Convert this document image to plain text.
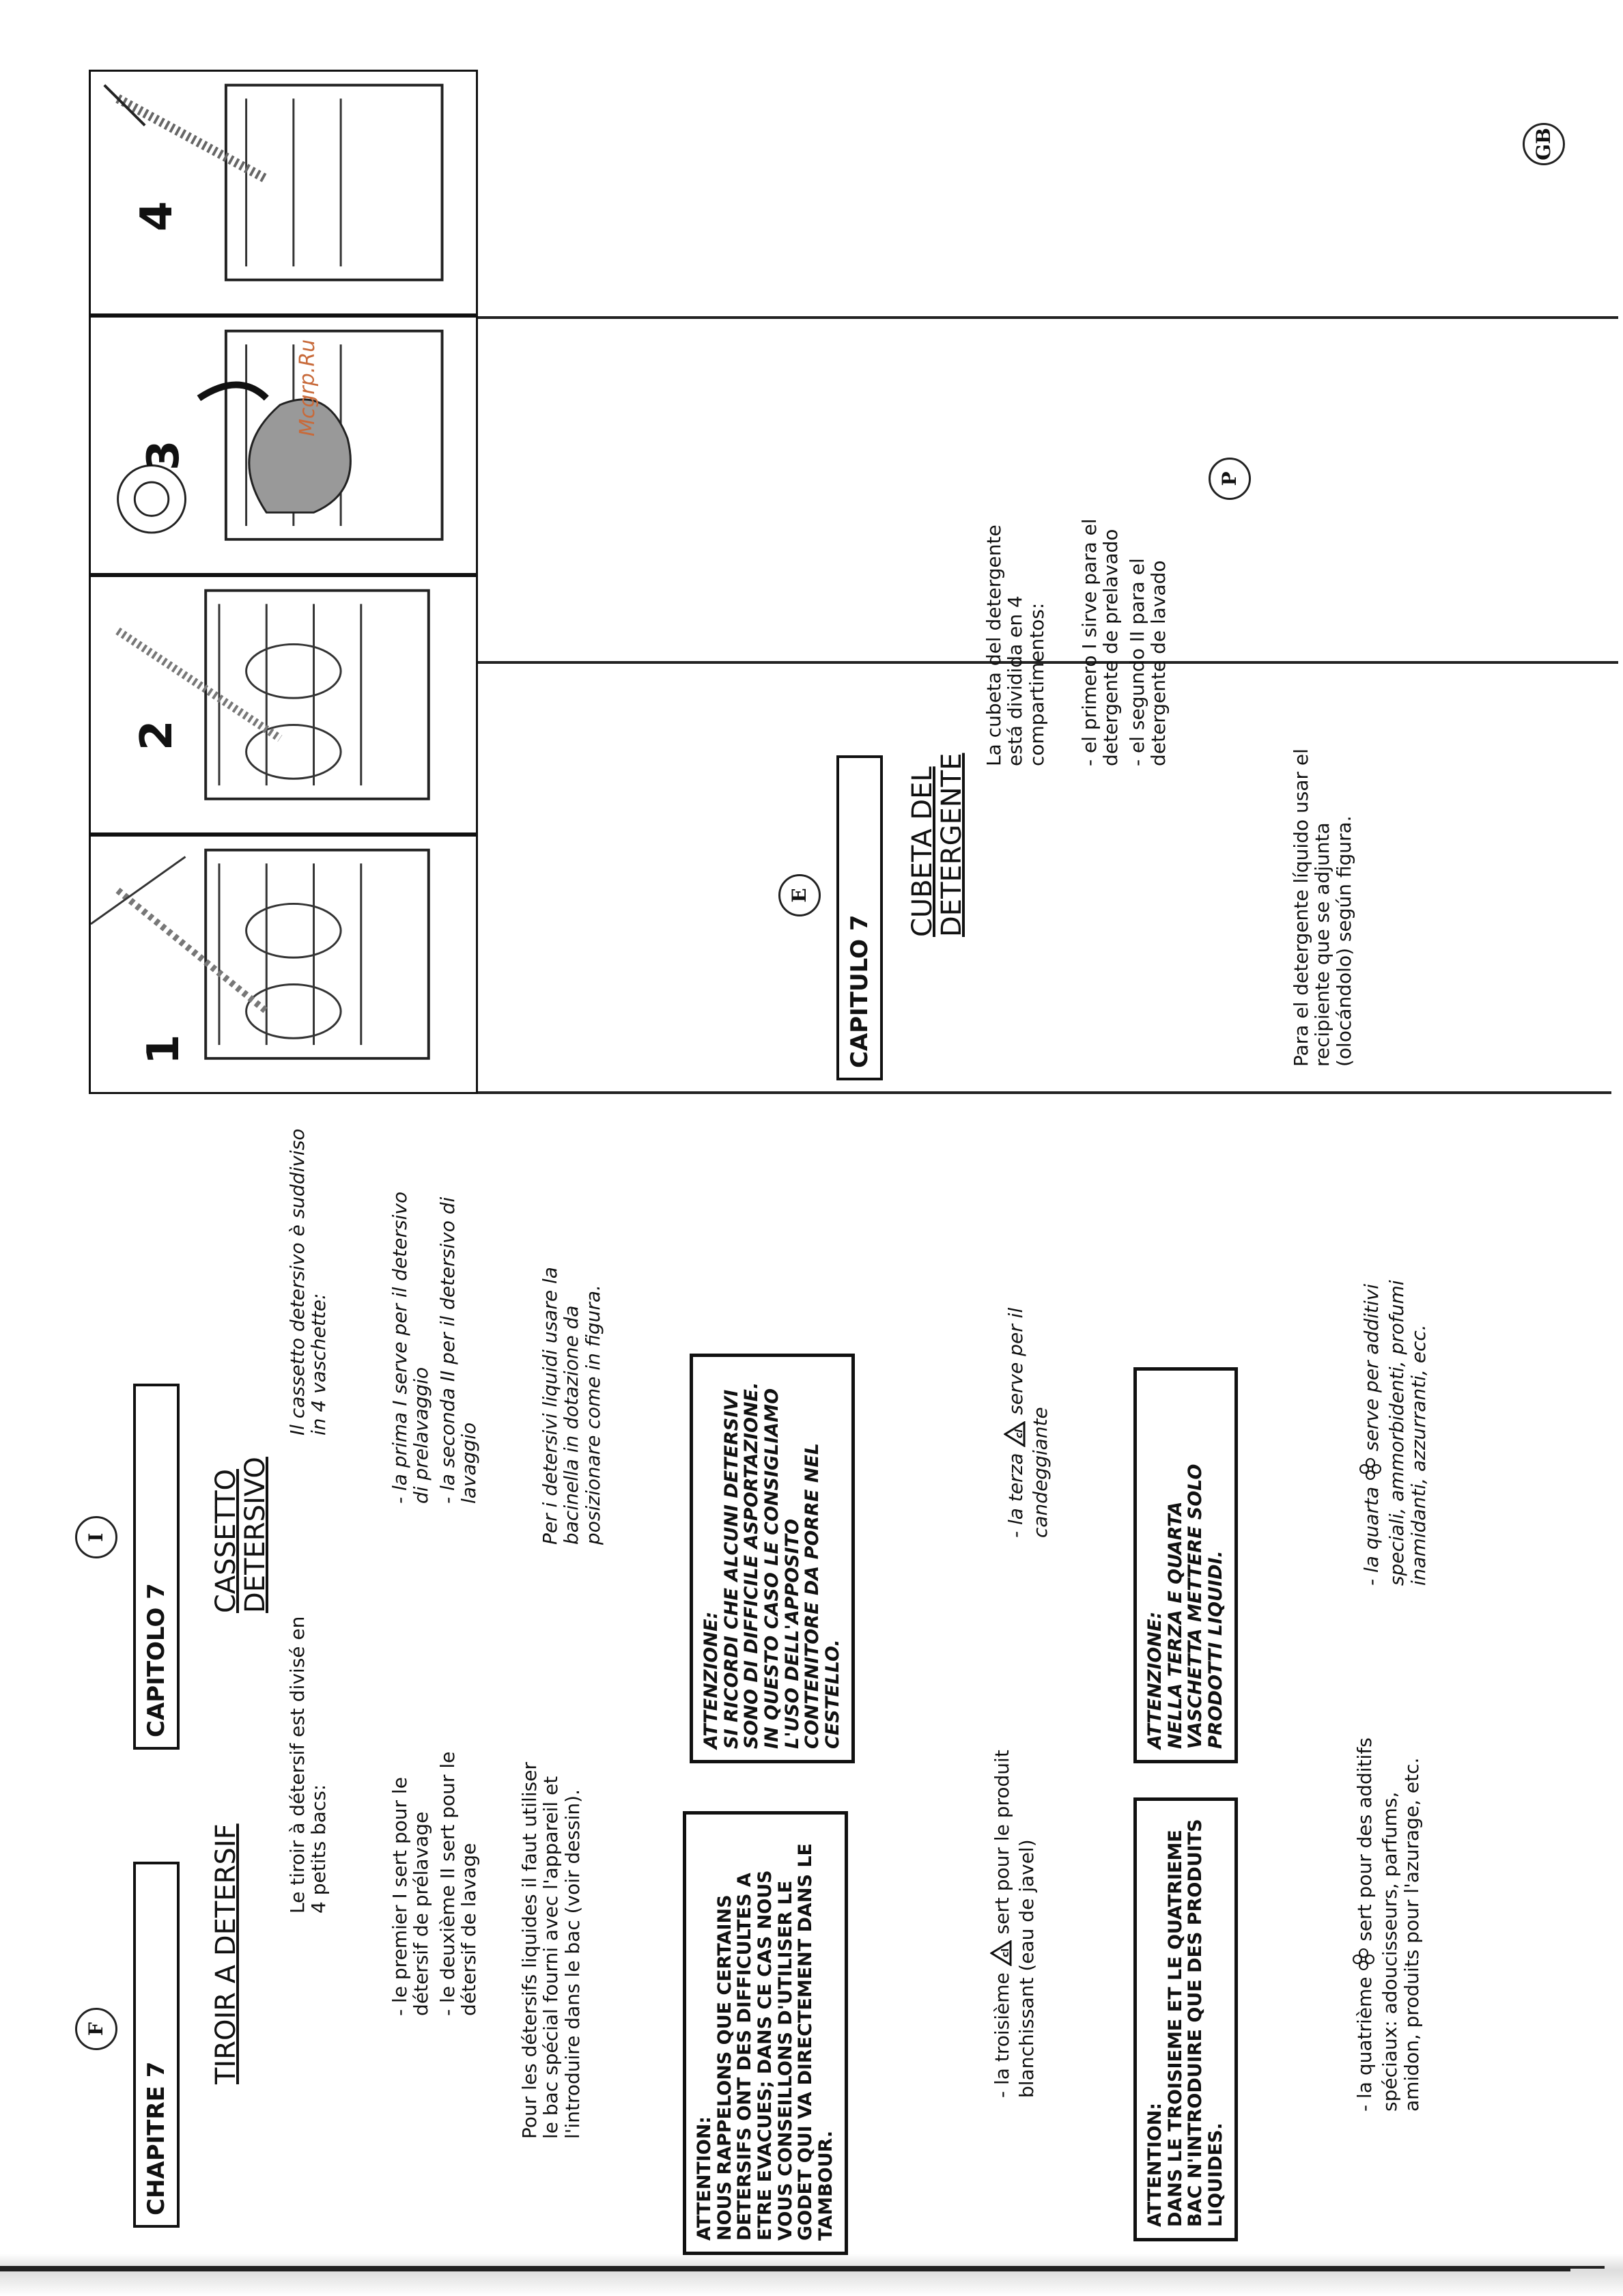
F
CHAPITRE 7
TIROIR A DETERSIF
Le tiroir à détersif est divisé en 4 petits bacs:	- le premier I sert pour le détersif de prélavage - le deuxième II sert pour le détersif de lavage Pour les détersifs liquides il faut utiliser le bac spécial fourni avec l'appareil et l'introduire dans le bac (voir dessin).
ATTENTION:
NOUS RAPPELONS QUE CERTAINS DETERSIFS ONT DES DIFFICULTES A ETRE EVACUES; DANS CE CAS NOUS VOUS CONSEILLONS D'UTILISER LE GODET QUI VA DIRECTEMENT DANS LE TAMBOUR.
- la troisième
cl
sert pour le produit blanchissant (eau de javel)
ATTENTION:
DANS LE TROISIEME ET LE QUATRIEME BAC N'INTRODUIRE QUE DES PRODUITS LIQUIDES.
- la quatrième  sert pour des additifs spéciaux: adoucisseurs, parfums, amidon, produits pour l'azurage, etc.
I
CAPITOLO 7
CASSETTO DETERSIVO
Il cassetto detersivo è suddiviso in 4 vaschette:	- la prima I serve per il detersivo di prelavaggio - la seconda II per il detersivo di lavaggio	Per i detersivi liquidi usare la bacinella in dotazione da posizionare come in figura.
ATTENZIONE:
SI RICORDI CHE ALCUNI DETERSIVI SONO DI DIFFICILE ASPORTAZIONE. IN QUESTO CASO LE CONSIGLIAMO L'USO DELL'APPOSITO CONTENITORE DA PORRE NEL CESTELLO.
- la terza
cl
serve per il candeggiante
ATTENZIONE:
NELLA TERZA E QUARTA VASCHETTA METTERE SOLO PRODOTTI LIQUIDI.
- la quarta  serve per additivi speciali, ammorbidenti, profumi inamidanti, azzurranti, ecc.
1
2
3
Mcgrp.Ru
4
E
CAPITULO 7
CUBETA DEL DETERGENTE
La cubeta del detergente está dividida en 4 compartimentos: - el primero I sirve para el detergente de prelavado - el segundo II para el detergente de lavado
Para el detergente líquido usar el recipiente que se adjunta (olocándolo) según figura.
P
GB
